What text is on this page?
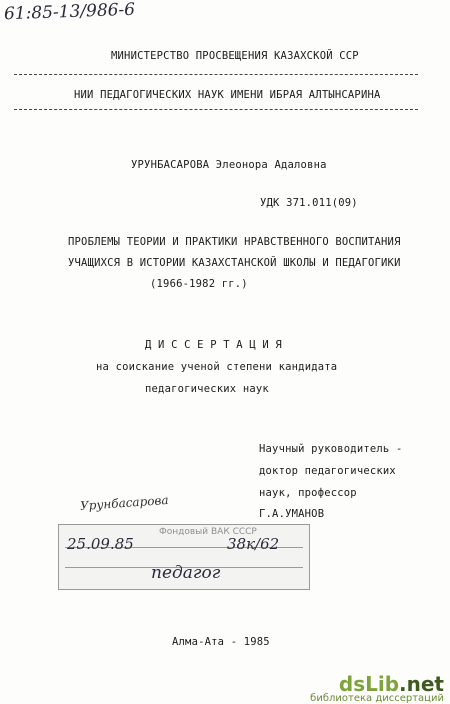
61:85-13/986-6
МИНИСТЕРСТВО ПРОСВЕЩЕНИЯ КАЗАХСКОЙ ССР
НИИ ПЕДАГОГИЧЕСКИХ НАУК ИМЕНИ ИБРАЯ АЛТЫНСАРИНА
УРУНБАСАРОВА Элеонора Адаловна
УДК 371.011(09)
ПРОБЛЕМЫ ТЕОРИИ И ПРАКТИКИ НРАВСТВЕННОГО ВОСПИТАНИЯ
УЧАЩИХСЯ В ИСТОРИИ КАЗАХСТАНСКОЙ ШКОЛЫ И ПЕДАГОГИКИ
(1966-1982 гг.)
Д И С С Е Р Т А Ц И Я
на соискание ученой степени кандидата
педагогических наук
Научный руководитель -
доктор педагогических
наук, профессор
Г.А.УМАНОВ
Урунбасарова
Фондовый ВАК СССР
25.09.85	38к/62
педагог
Алма-Ата - 1985
dsLib.net
библиотека диссертаций
